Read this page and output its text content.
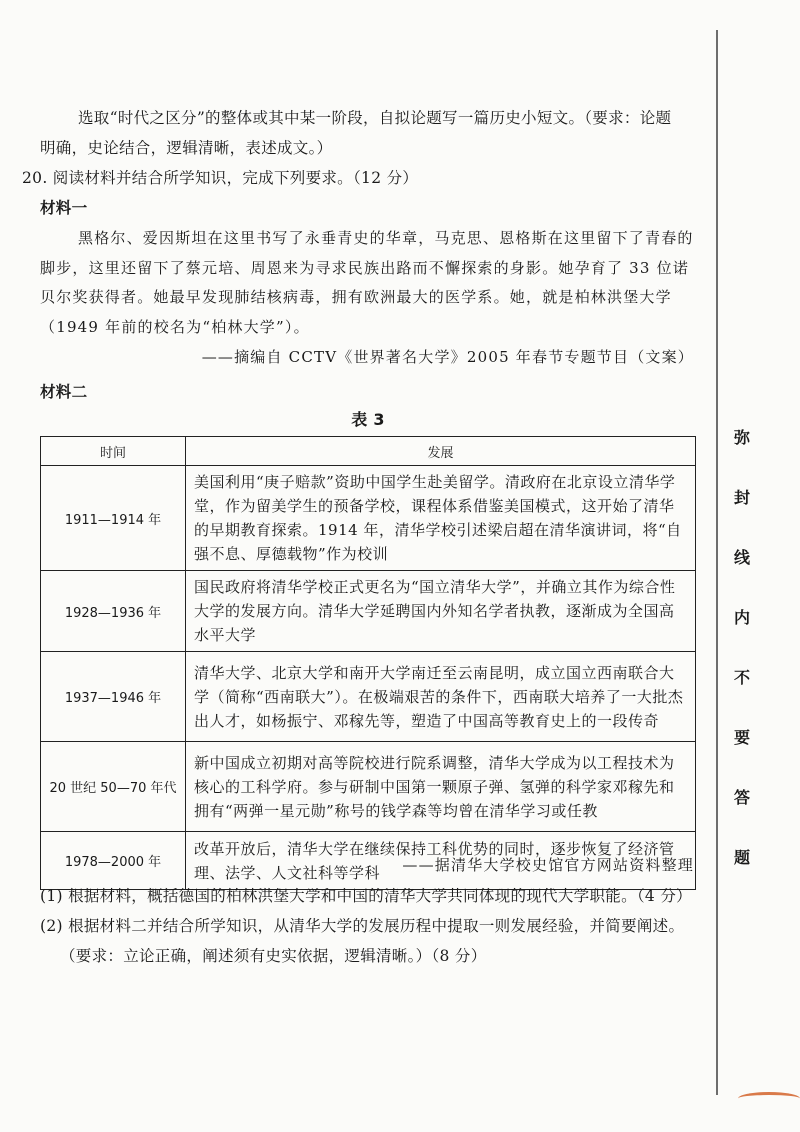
选取“时代之区分”的整体或其中某一阶段，自拟论题写一篇历史小短文。（要求：论题
明确，史论结合，逻辑清晰，表述成文。）
20. 阅读材料并结合所学知识，完成下列要求。（12 分）
材料一
黑格尔、爱因斯坦在这里书写了永垂青史的华章，马克思、恩格斯在这里留下了青春的
脚步，这里还留下了蔡元培、周恩来为寻求民族出路而不懈探索的身影。她孕育了 33 位诺
贝尔奖获得者。她最早发现肺结核病毒，拥有欧洲最大的医学系。她，就是柏林洪堡大学
（1949 年前的校名为“柏林大学”）。
——摘编自 CCTV《世界著名大学》2005 年春节专题节目（文案）
材料二
表 3
时间	发展
1911—1914 年	美国利用“庚子赔款”资助中国学生赴美留学。清政府在北京设立清华学堂，作为留美学生的预备学校，课程体系借鉴美国模式，这开始了清华的早期教育探索。1914 年，清华学校引述梁启超在清华演讲词，将“自强不息、厚德载物”作为校训
1928—1936 年	国民政府将清华学校正式更名为“国立清华大学”，并确立其作为综合性大学的发展方向。清华大学延聘国内外知名学者执教，逐渐成为全国高水平大学
1937—1946 年	清华大学、北京大学和南开大学南迁至云南昆明，成立国立西南联合大学（简称“西南联大”）。在极端艰苦的条件下，西南联大培养了一大批杰出人才，如杨振宁、邓稼先等，塑造了中国高等教育史上的一段传奇
20 世纪 50—70 年代	新中国成立初期对高等院校进行院系调整，清华大学成为以工程技术为核心的工科学府。参与研制中国第一颗原子弹、氢弹的科学家邓稼先和拥有“两弹一星元勋”称号的钱学森等均曾在清华学习或任教
1978—2000 年	改革开放后，清华大学在继续保持工科优势的同时，逐步恢复了经济管理、法学、人文社科等学科	——据清华大学校史馆官方网站资料整理
(1) 根据材料，概括德国的柏林洪堡大学和中国的清华大学共同体现的现代大学职能。（4 分）
(2) 根据材料二并结合所学知识，从清华大学的发展历程中提取一则发展经验，并简要阐述。
（要求：立论正确，阐述须有史实依据，逻辑清晰。）（8 分）
弥
封
线
内
不
要
答
题
